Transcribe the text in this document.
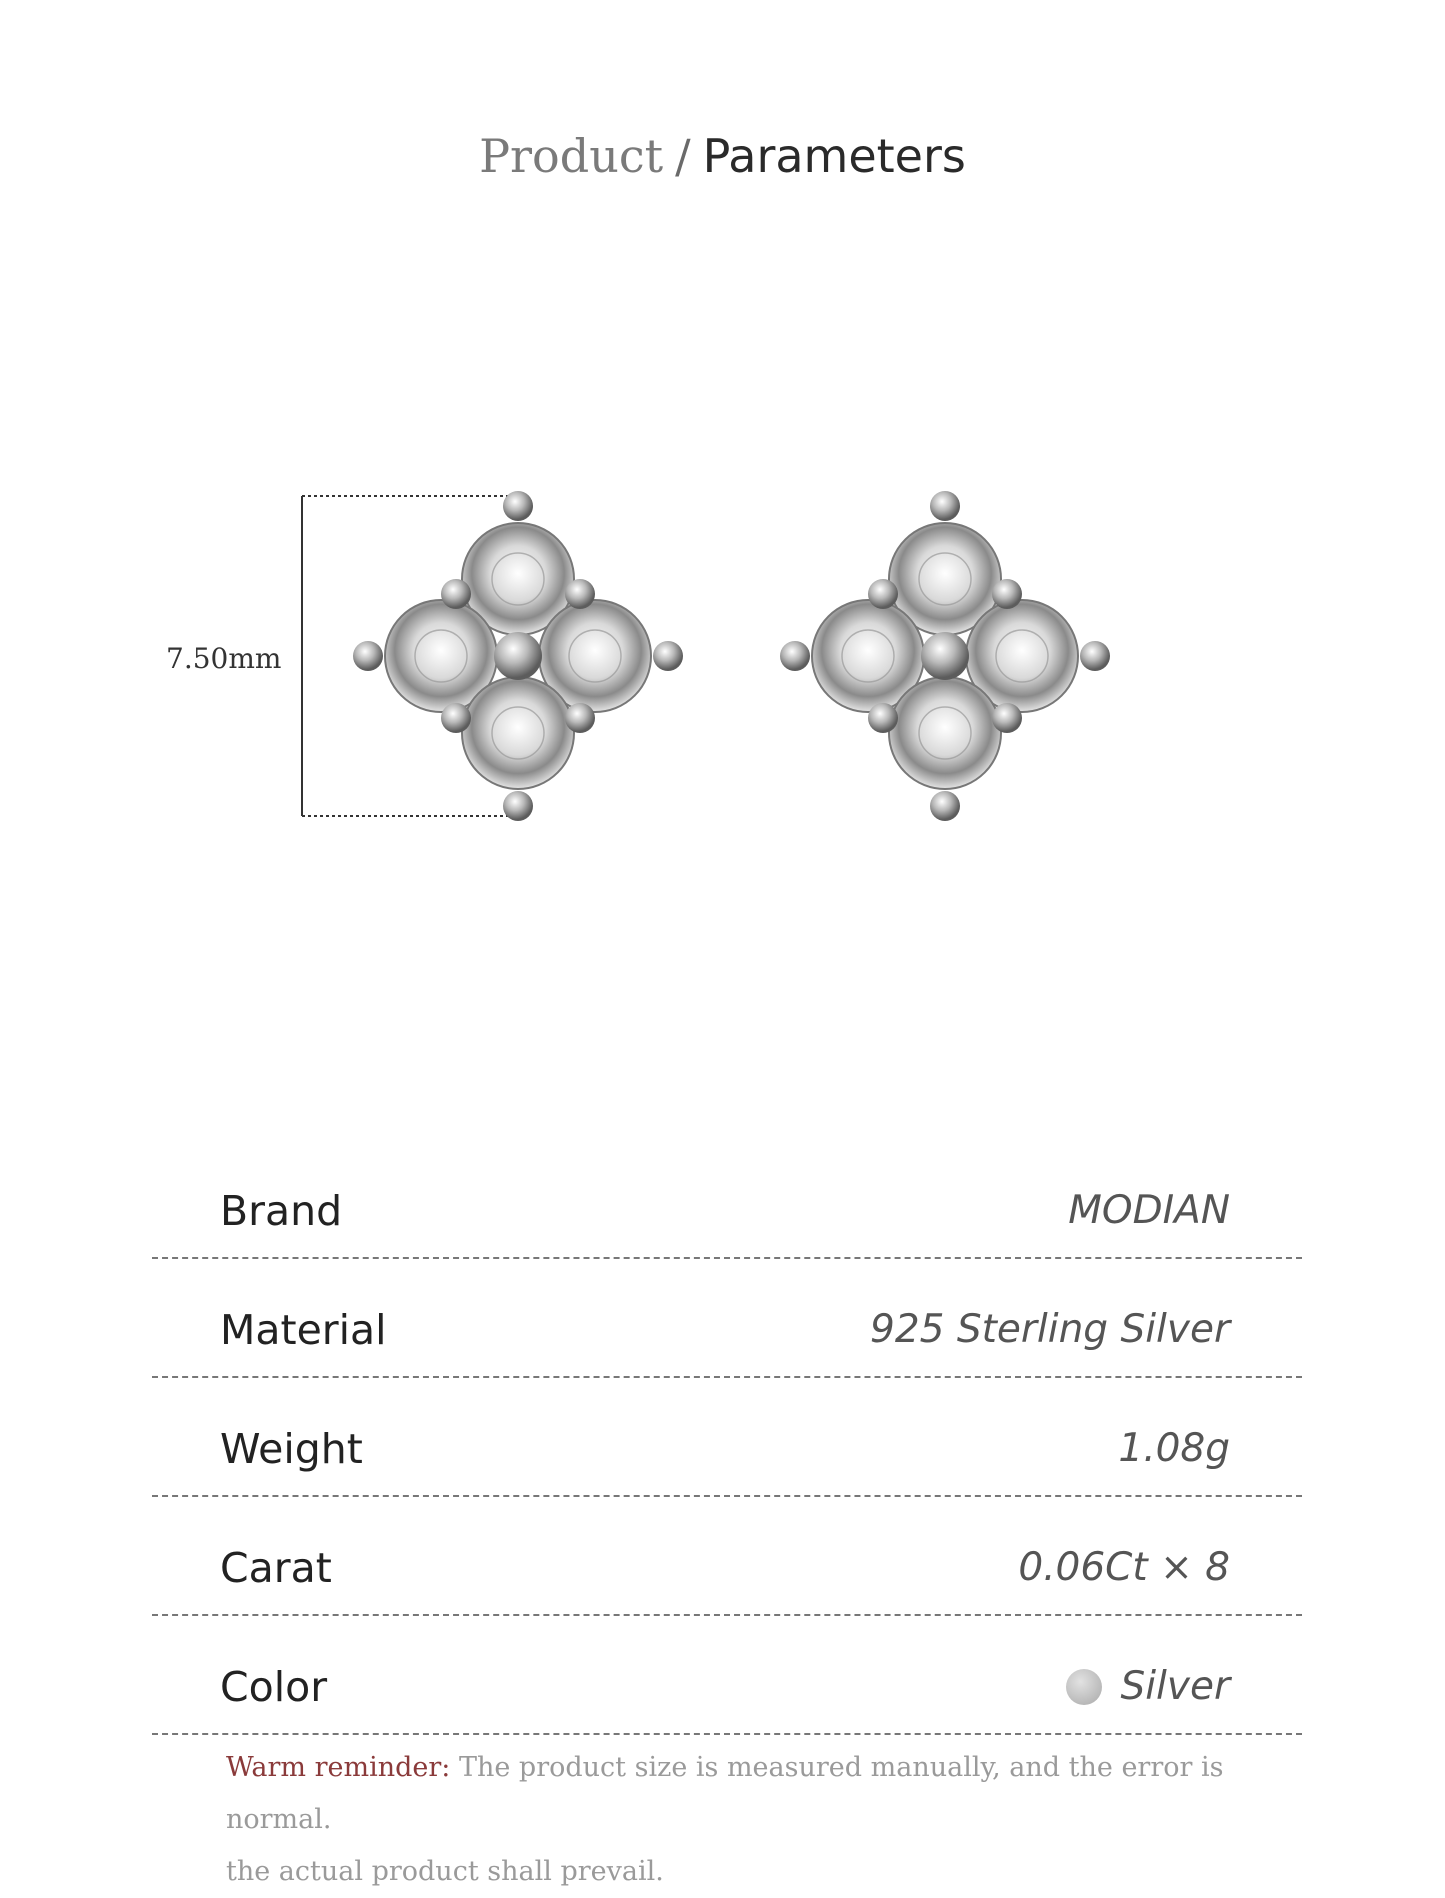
Product / Parameters
7.50mm
Brand	MODIAN
Material	925 Sterling Silver
Weight	1.08g
Carat	0.06Ct × 8
Color	Silver
Warm reminder: The product size is measured manually, and the error is normal.
the actual product shall prevail.
